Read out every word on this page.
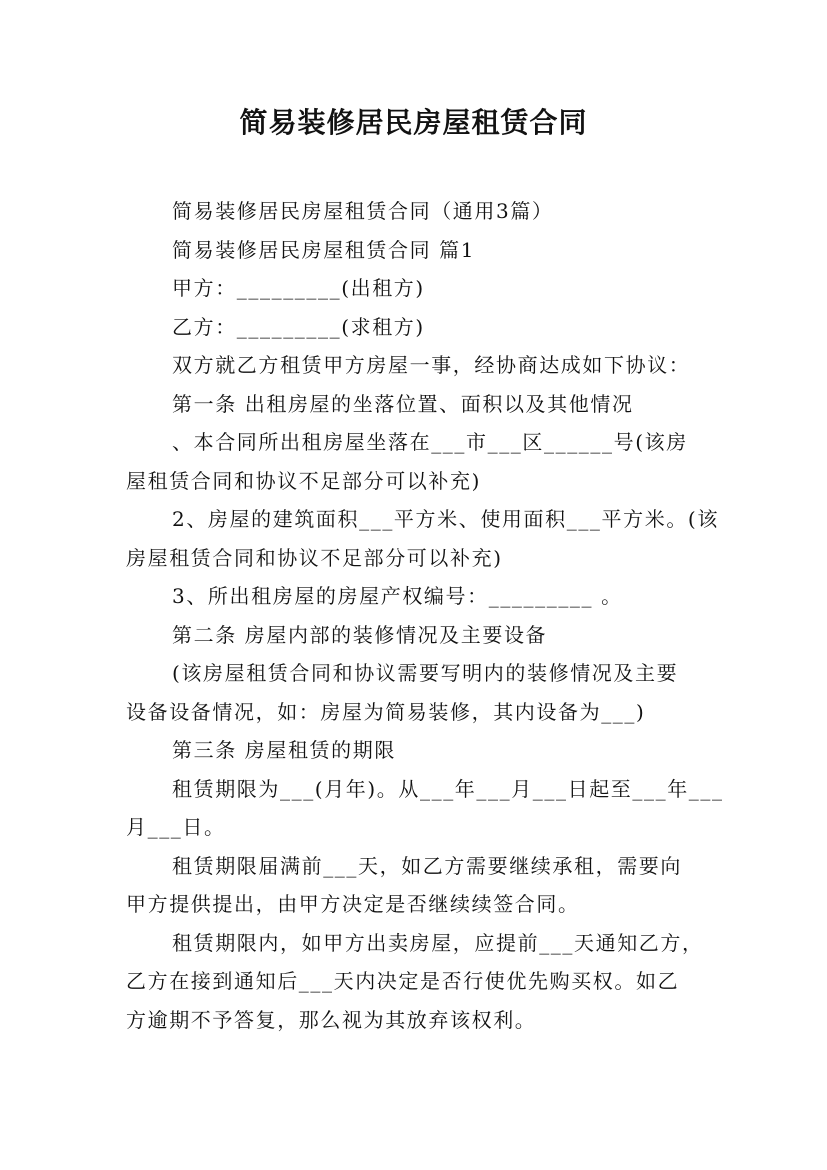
简易装修居民房屋租赁合同
简易装修居民房屋租赁合同（通用3篇）
简易装修居民房屋租赁合同 篇1
甲方：_________(出租方)
乙方：_________(求租方)
双方就乙方租赁甲方房屋一事，经协商达成如下协议：
第一条 出租房屋的坐落位置、面积以及其他情况
、本合同所出租房屋坐落在___市___区______号(该房
屋租赁合同和协议不足部分可以补充)
2、房屋的建筑面积___平方米、使用面积___平方米。(该
房屋租赁合同和协议不足部分可以补充)
3、所出租房屋的房屋产权编号：_________ 。
第二条 房屋内部的装修情况及主要设备
(该房屋租赁合同和协议需要写明内的装修情况及主要
设备设备情况，如：房屋为简易装修，其内设备为___)
第三条 房屋租赁的期限
租赁期限为___(月年)。从___年___月___日起至___年___
月___日。
租赁期限届满前___天，如乙方需要继续承租，需要向
甲方提供提出，由甲方决定是否继续续签合同。
租赁期限内，如甲方出卖房屋，应提前___天通知乙方，
乙方在接到通知后___天内决定是否行使优先购买权。如乙
方逾期不予答复，那么视为其放弃该权利。
